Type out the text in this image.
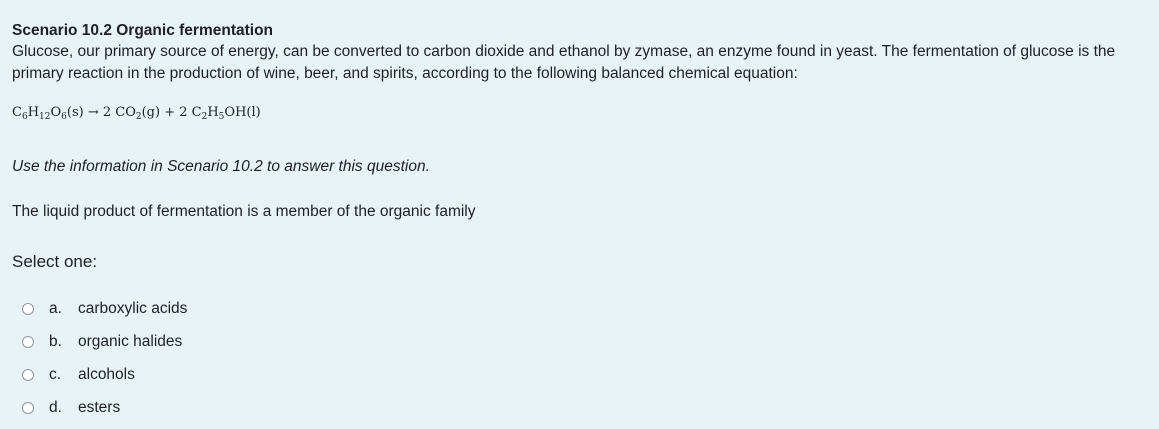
Scenario 10.2 Organic fermentation
Glucose, our primary source of energy, can be converted to carbon dioxide and ethanol by zymase, an enzyme found in yeast. The fermentation of glucose is the primary reaction in the production of wine, beer, and spirits, according to the following balanced chemical equation:
$C_6H_{12}O_6(s) \to 2$ $CO_2(g) + 2$ $C_2H_5OH(l)$
Use the information in Scenario 10.2 to answer this question.
The liquid product of fermentation is a member of the organic family
Select one:
a.	carboxylic acids
b.	organic halides
c.	alcohols
d.	esters
